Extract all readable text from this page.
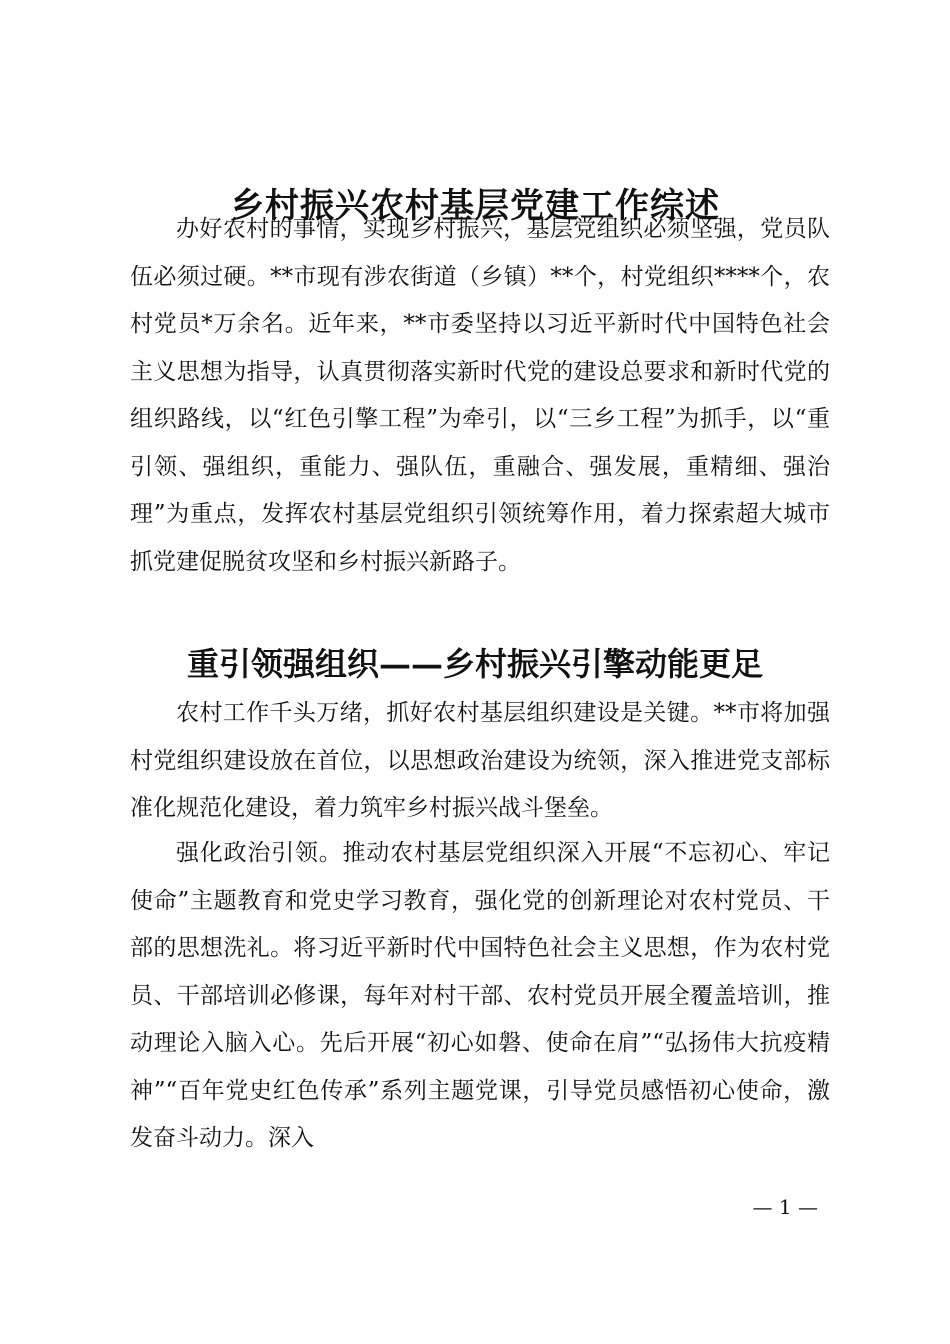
乡村振兴农村基层党建工作综述

办好农村的事情，实现乡村振兴，基层党组织必须坚强，党员队伍必须过硬。**市现有涉农街道（乡镇）**个，村党组织****个，农村党员*万余名。近年来，**市委坚持以习近平新时代中国特色社会主义思想为指导，认真贯彻落实新时代党的建设总要求和新时代党的组织路线，以“红色引擎工程”为牵引，以“三乡工程”为抓手，以“重引领、强组织，重能力、强队伍，重融合、强发展，重精细、强治理”为重点，发挥农村基层党组织引领统筹作用，着力探索超大城市抓党建促脱贫攻坚和乡村振兴新路子。

重引领强组织——乡村振兴引擎动能更足

农村工作千头万绪，抓好农村基层组织建设是关键。**市将加强村党组织建设放在首位，以思想政治建设为统领，深入推进党支部标准化规范化建设，着力筑牢乡村振兴战斗堡垒。

强化政治引领。推动农村基层党组织深入开展“不忘初心、牢记使命”主题教育和党史学习教育，强化党的创新理论对农村党员、干部的思想洗礼。将习近平新时代中国特色社会主义思想，作为农村党员、干部培训必修课，每年对村干部、农村党员开展全覆盖培训，推动理论入脑入心。先后开展“初心如磐、使命在肩”“弘扬伟大抗疫精神”“百年党史红色传承”系列主题党课，引导党员感悟初心使命，激发奋斗动力。深入

— 1 —
